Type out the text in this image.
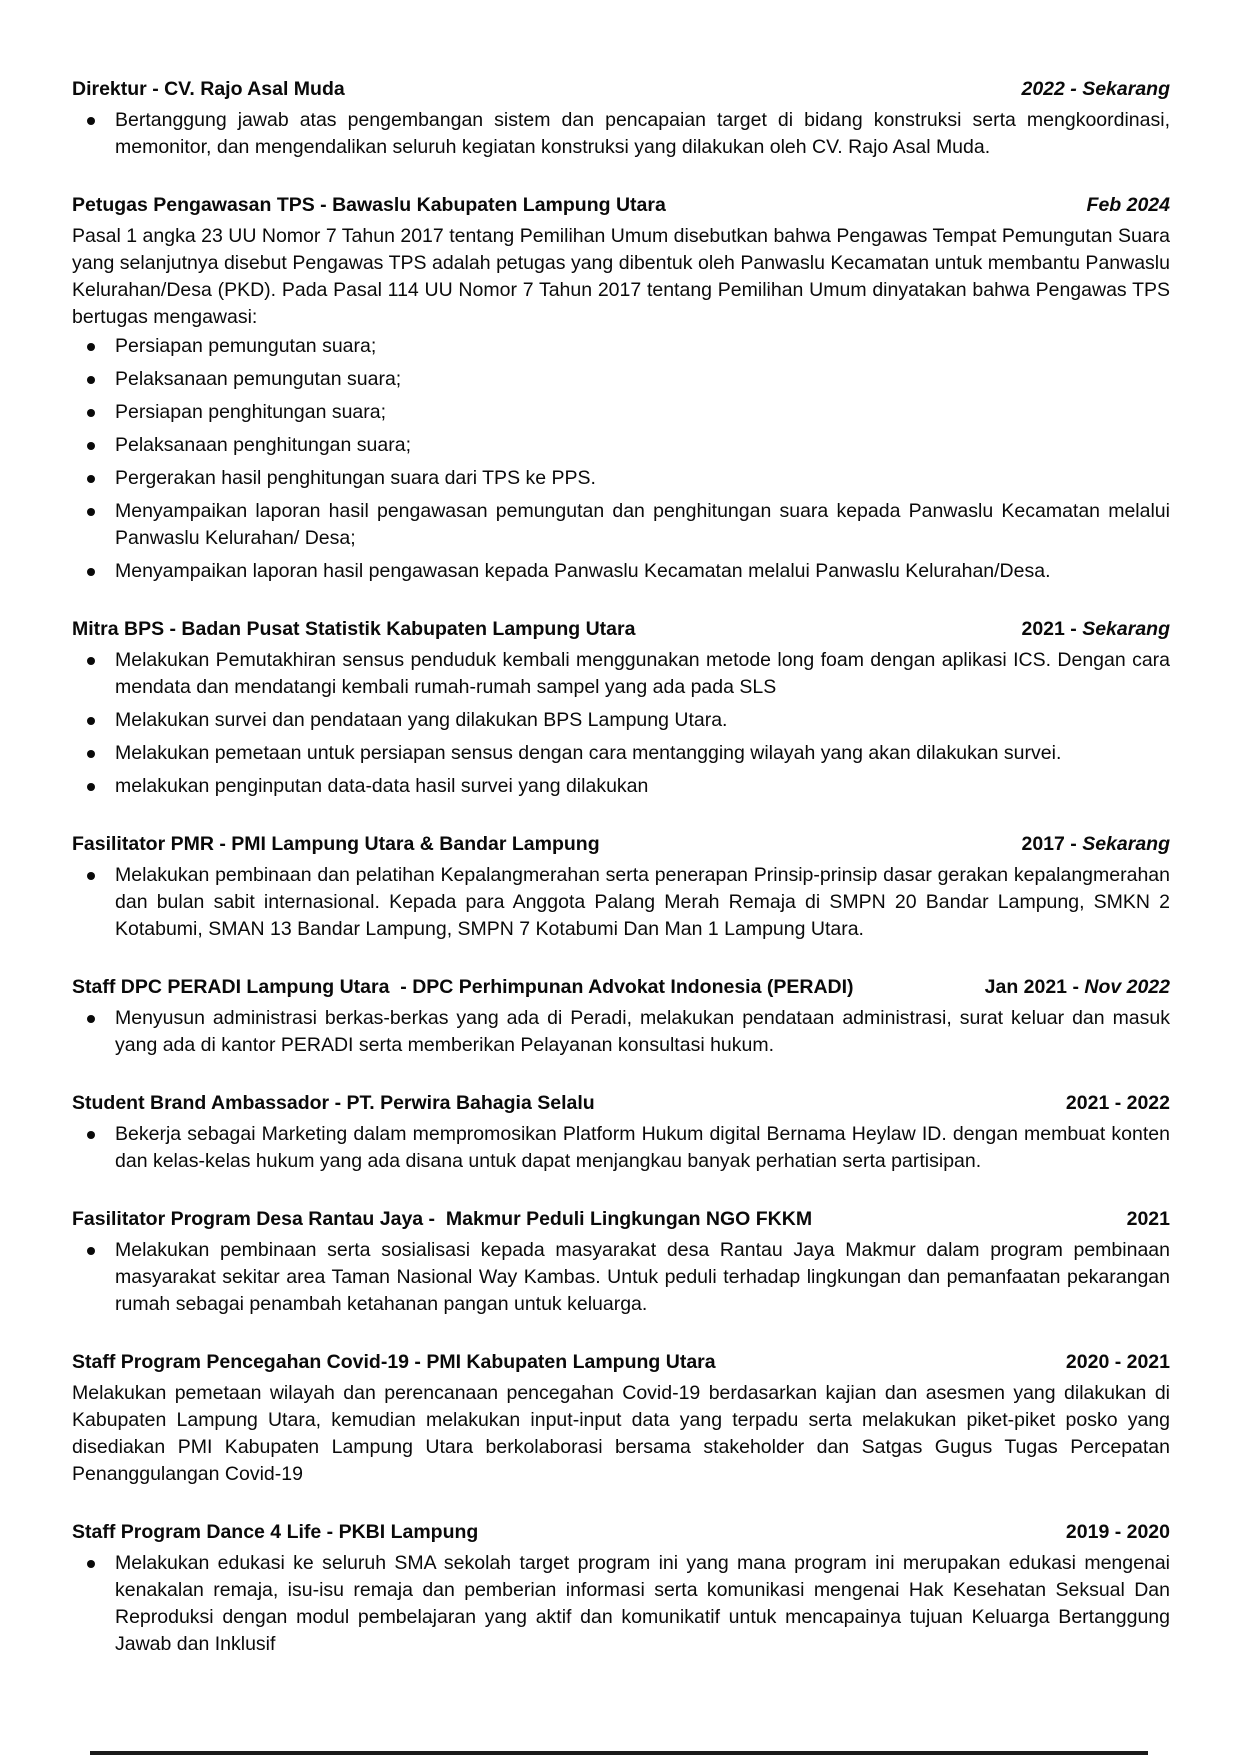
Direktur - CV. Rajo Asal Muda	2022 - Sekarang
Bertanggung jawab atas pengembangan sistem dan pencapaian target di bidang konstruksi serta mengkoordinasi, memonitor, dan mengendalikan seluruh kegiatan konstruksi yang dilakukan oleh CV. Rajo Asal Muda.
Petugas Pengawasan TPS - Bawaslu Kabupaten Lampung Utara	Feb 2024

Pasal 1 angka 23 UU Nomor 7 Tahun 2017 tentang Pemilihan Umum disebutkan bahwa Pengawas Tempat Pemungutan Suara yang selanjutnya disebut Pengawas TPS adalah petugas yang dibentuk oleh Panwaslu Kecamatan untuk membantu Panwaslu Kelurahan/Desa (PKD). Pada Pasal 114 UU Nomor 7 Tahun 2017 tentang Pemilihan Umum dinyatakan bahwa Pengawas TPS bertugas mengawasi:

Persiapan pemungutan suara;
Pelaksanaan pemungutan suara;
Persiapan penghitungan suara;
Pelaksanaan penghitungan suara;
Pergerakan hasil penghitungan suara dari TPS ke PPS.
Menyampaikan laporan hasil pengawasan pemungutan dan penghitungan suara kepada Panwaslu Kecamatan melalui Panwaslu Kelurahan/ Desa;
Menyampaikan laporan hasil pengawasan kepada Panwaslu Kecamatan melalui Panwaslu Kelurahan/Desa.
Mitra BPS - Badan Pusat Statistik Kabupaten Lampung Utara	2021 - Sekarang
Melakukan Pemutakhiran sensus penduduk kembali menggunakan metode long foam dengan aplikasi ICS. Dengan cara mendata dan mendatangi kembali rumah-rumah sampel yang ada pada SLS
Melakukan survei dan pendataan yang dilakukan BPS Lampung Utara.
Melakukan pemetaan untuk persiapan sensus dengan cara mentangging wilayah yang akan dilakukan survei.
melakukan penginputan data-data hasil survei yang dilakukan
Fasilitator PMR - PMI Lampung Utara & Bandar Lampung	2017 - Sekarang
Melakukan pembinaan dan pelatihan Kepalangmerahan serta penerapan Prinsip-prinsip dasar gerakan kepalangmerahan dan bulan sabit internasional. Kepada para Anggota Palang Merah Remaja di SMPN 20 Bandar Lampung, SMKN 2 Kotabumi, SMAN 13 Bandar Lampung, SMPN 7 Kotabumi Dan Man 1 Lampung Utara.
Staff DPC PERADI Lampung Utara  - DPC Perhimpunan Advokat Indonesia (PERADI)	Jan 2021 - Nov 2022
Menyusun administrasi berkas-berkas yang ada di Peradi, melakukan pendataan administrasi, surat keluar dan masuk yang ada di kantor PERADI serta memberikan Pelayanan konsultasi hukum.
Student Brand Ambassador - PT. Perwira Bahagia Selalu	2021 - 2022
Bekerja sebagai Marketing dalam mempromosikan Platform Hukum digital Bernama Heylaw ID. dengan membuat konten dan kelas-kelas hukum yang ada disana untuk dapat menjangkau banyak perhatian serta partisipan.
Fasilitator Program Desa Rantau Jaya -  Makmur Peduli Lingkungan NGO FKKM	2021
Melakukan pembinaan serta sosialisasi kepada masyarakat desa Rantau Jaya Makmur dalam program pembinaan masyarakat sekitar area Taman Nasional Way Kambas. Untuk peduli terhadap lingkungan dan pemanfaatan pekarangan rumah sebagai penambah ketahanan pangan untuk keluarga.
Staff Program Pencegahan Covid-19 - PMI Kabupaten Lampung Utara	2020 - 2021

Melakukan pemetaan wilayah dan perencanaan pencegahan Covid-19 berdasarkan kajian dan asesmen yang dilakukan di Kabupaten Lampung Utara, kemudian melakukan input-input data yang terpadu serta melakukan piket-piket posko yang disediakan PMI Kabupaten Lampung Utara berkolaborasi bersama stakeholder dan Satgas Gugus Tugas Percepatan Penanggulangan Covid-19

Staff Program Dance 4 Life - PKBI Lampung	2019 - 2020
Melakukan edukasi ke seluruh SMA sekolah target program ini yang mana program ini merupakan edukasi mengenai kenakalan remaja, isu-isu remaja dan pemberian informasi serta komunikasi mengenai Hak Kesehatan Seksual Dan Reproduksi dengan modul pembelajaran yang aktif dan komunikatif untuk mencapainya tujuan Keluarga Bertanggung Jawab dan Inklusif
